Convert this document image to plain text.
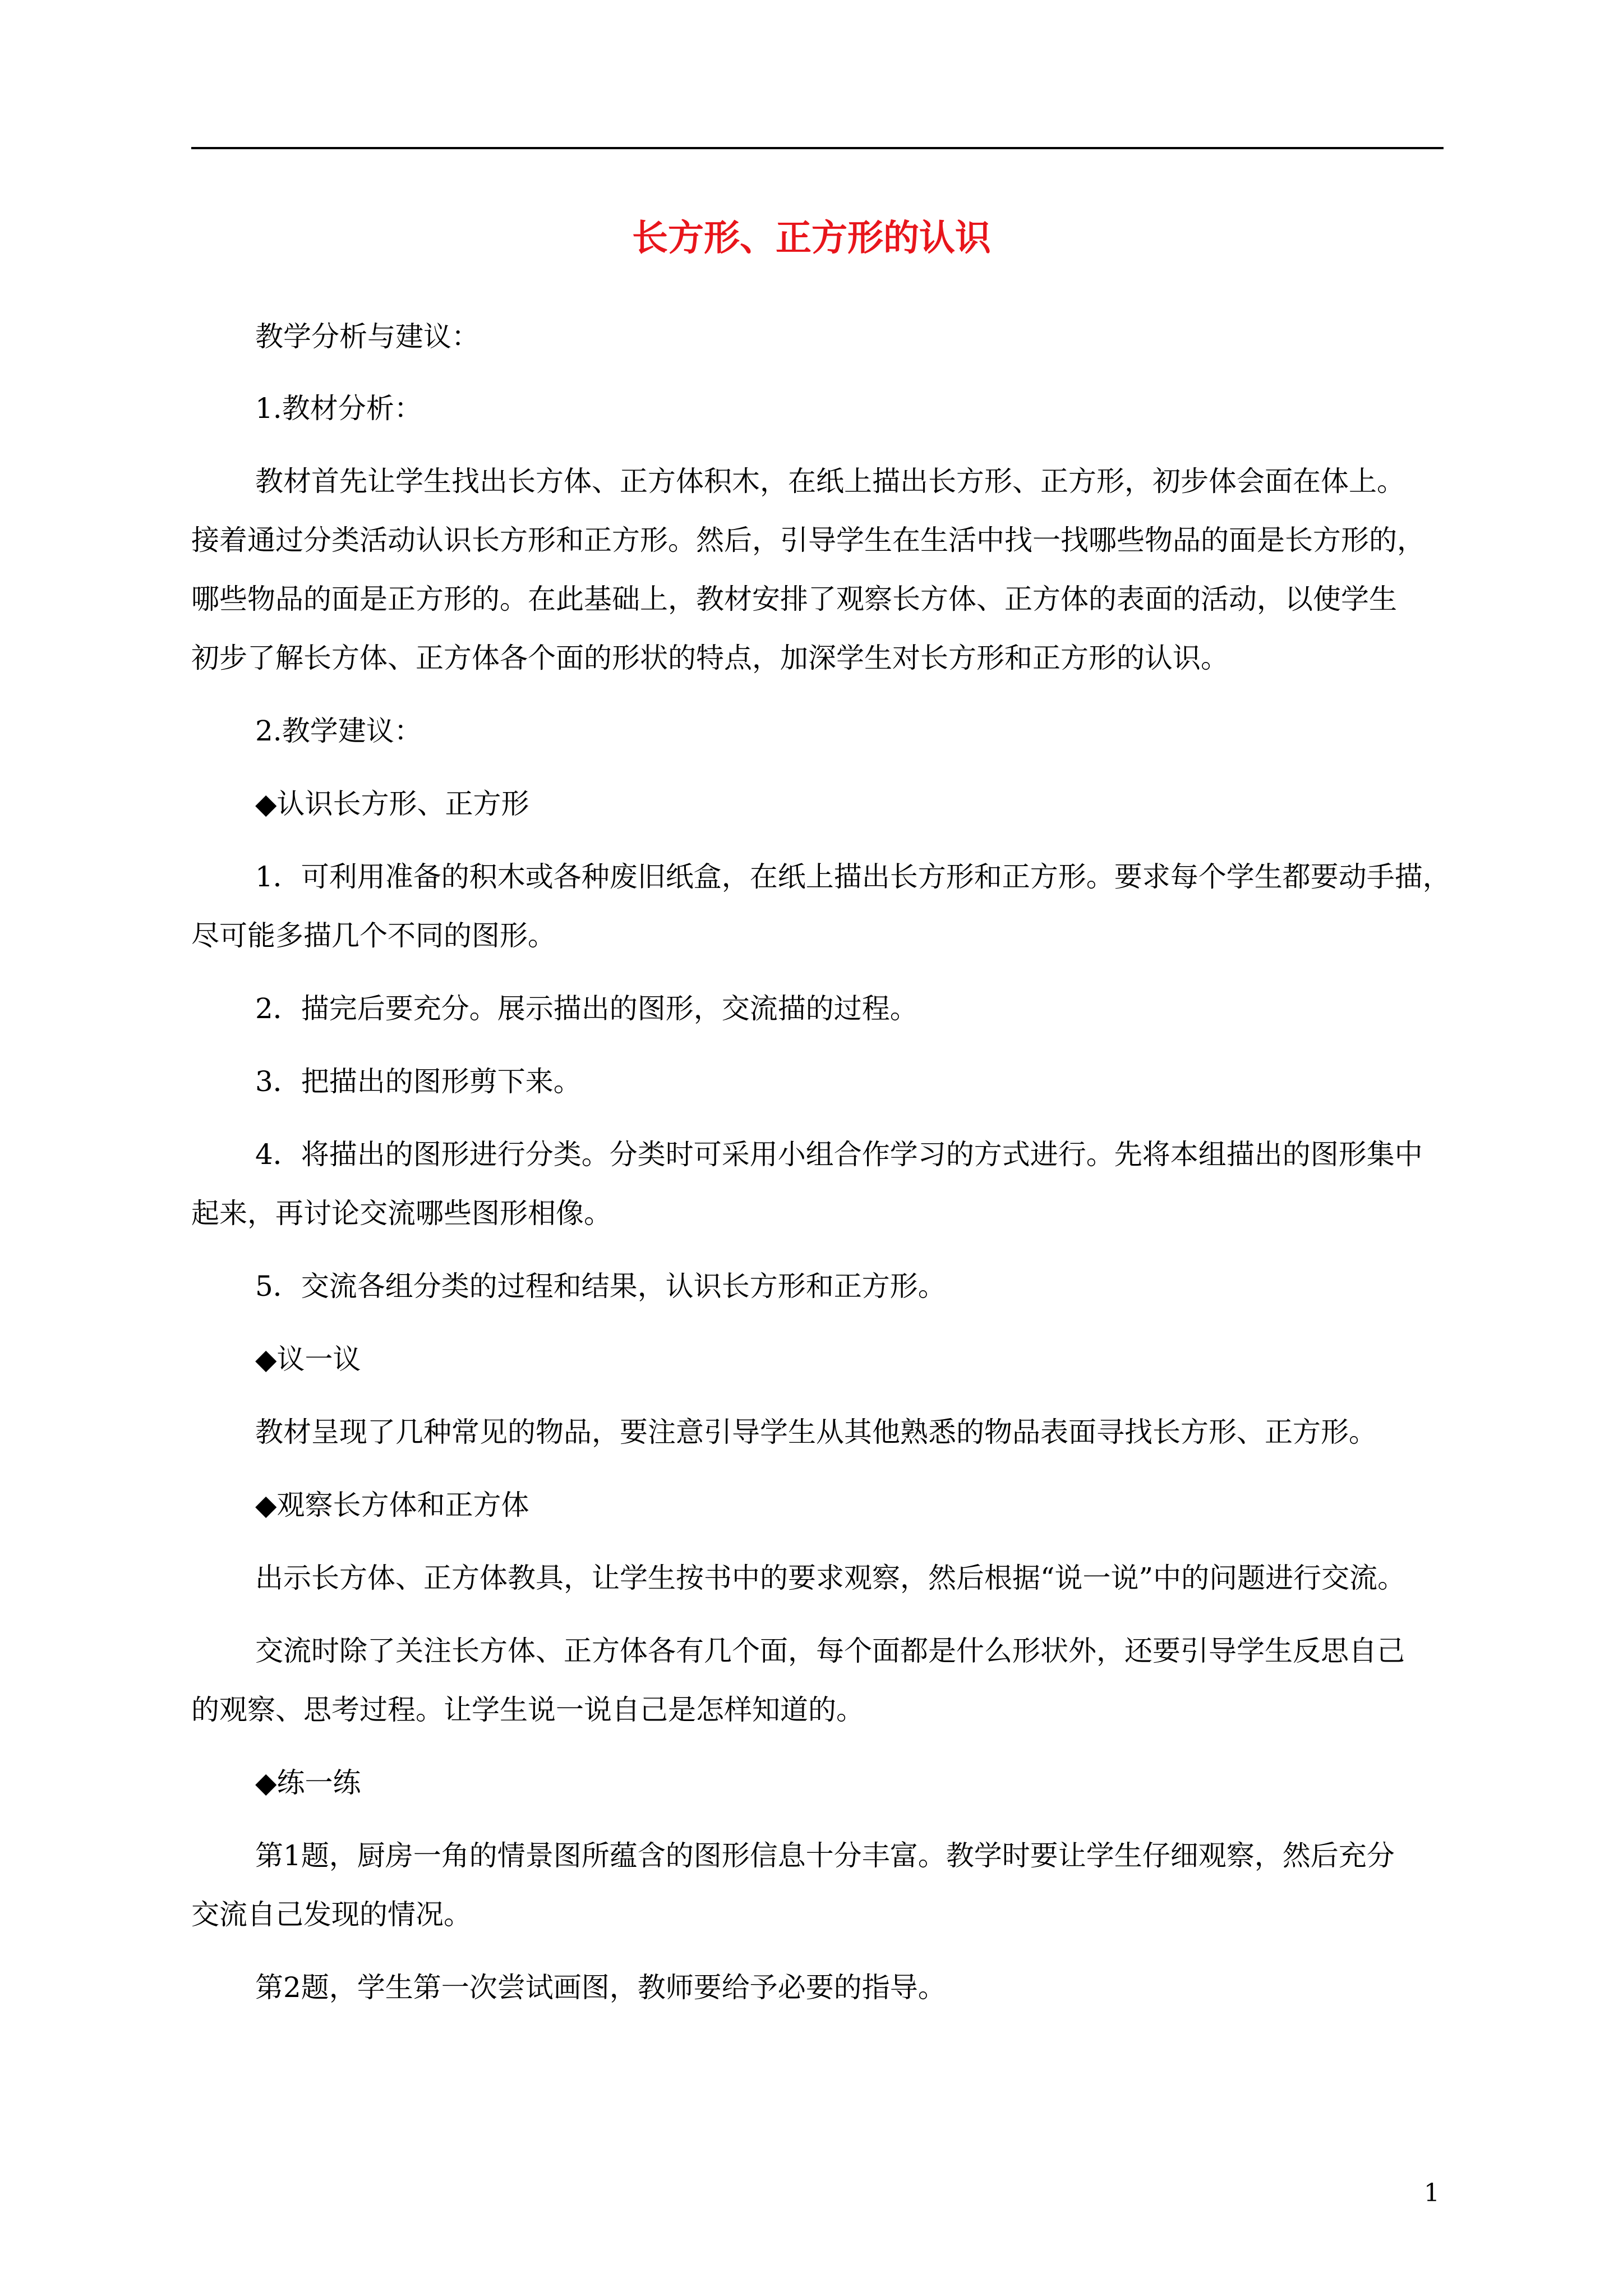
长方形、正方形的认识

教学分析与建议：

1.教材分析：

教材首先让学生找出长方体、正方体积木，在纸上描出长方形、正方形，初步体会面在体上。

接着通过分类活动认识长方形和正方形。然后，引导学生在生活中找一找哪些物品的面是长方形的，

哪些物品的面是正方形的。在此基础上，教材安排了观察长方体、正方体的表面的活动，以使学生

初步了解长方体、正方体各个面的形状的特点，加深学生对长方形和正方形的认识。

2.教学建议：

◆认识长方形、正方形

1．可利用准备的积木或各种废旧纸盒，在纸上描出长方形和正方形。要求每个学生都要动手描，

尽可能多描几个不同的图形。

2．描完后要充分。展示描出的图形，交流描的过程。

3．把描出的图形剪下来。

4．将描出的图形进行分类。分类时可采用小组合作学习的方式进行。先将本组描出的图形集中

起来，再讨论交流哪些图形相像。

5．交流各组分类的过程和结果，认识长方形和正方形。

◆议一议

教材呈现了几种常见的物品，要注意引导学生从其他熟悉的物品表面寻找长方形、正方形。

◆观察长方体和正方体

出示长方体、正方体教具，让学生按书中的要求观察，然后根据“说一说”中的问题进行交流。

交流时除了关注长方体、正方体各有几个面，每个面都是什么形状外，还要引导学生反思自己

的观察、思考过程。让学生说一说自己是怎样知道的。

◆练一练

第1题，厨房一角的情景图所蕴含的图形信息十分丰富。教学时要让学生仔细观察，然后充分

交流自己发现的情况。

第2题，学生第一次尝试画图，教师要给予必要的指导。

1
